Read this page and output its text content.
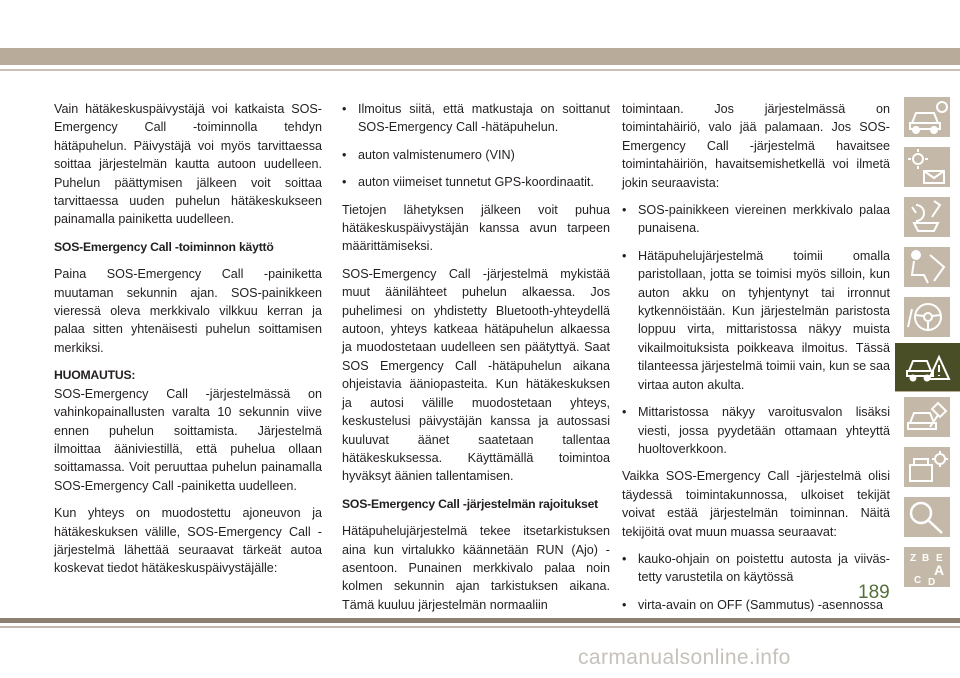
Vain hätäkeskuspäivystäjä voi katkaista SOS-Emergency Call -toiminnolla tehdyn hätäpuhelun. Päivystäjä voi myös tarvittaessa soittaa järjestelmän kautta autoon uudelleen. Puhelun päättymisen jälkeen voit soittaa tarvittaessa uuden puhelun hätäkeskukseen painamalla painiketta uudelleen.

SOS-Emergency Call -toiminnon käyttö

Paina SOS-Emergency Call -painiketta muutaman sekunnin ajan. SOS-painikkeen vieressä oleva merkkivalo vilkkuu kerran ja palaa sitten yhtenäisesti puhelun soittamisen merkiksi.

HUOMAUTUS:

SOS-Emergency Call -järjestelmässä on vahinkopainallusten varalta 10 sekunnin viive ennen puhelun soittamista. Järjestelmä ilmoittaa ääniviestillä, että puhelua ollaan soittamassa. Voit peruuttaa puhelun painamalla SOS-Emergency Call -painiketta uudelleen.

Kun yhteys on muodostettu ajoneuvon ja hätäkeskuksen välille, SOS-Emergency Call -järjestelmä lähettää seuraavat tärkeät autoa koskevat tiedot hätäkeskuspäivystäjälle:

• Ilmoitus siitä, että matkustaja on soittanut SOS-Emergency Call -hätäpuhelun.
• auton valmistenumero (VIN)
• auton viimeiset tunnetut GPS-koordinaatit.

Tietojen lähetyksen jälkeen voit puhua hätäkeskuspäivystäjän kanssa avun tarpeen määrittämiseksi.

SOS-Emergency Call -järjestelmä mykistää muut äänilähteet puhelun alkaessa. Jos puhelimesi on yhdistetty Bluetooth-yhteydellä autoon, yhteys katkeaa hätäpuhelun alkaessa ja muodostetaan uudelleen sen päätyttyä. Saat SOS Emergency Call -hätäpuhelun aikana ohjeistavia ääniopasteita. Kun hätäkeskuksen ja autosi välille muodostetaan yhteys, keskustelusi päivystäjän kanssa ja autossasi kuuluvat äänet saatetaan tallentaa hätäkeskuksessa. Käyttämällä toimintoa hyväksyt äänien tallentamisen.

SOS-Emergency Call -järjestelmän rajoitukset

Hätäpuhelujärjestelmä tekee itsetarkistuksen aina kun virtalukko käännetään RUN (Ajo) -asentoon. Punainen merkkivalo palaa noin kolmen sekunnin ajan tarkistuksen aikana. Tämä kuuluu järjestelmän normaaliin

toimintaan. Jos järjestelmässä on toimintahäiriö, valo jää palamaan. Jos SOS-Emergency Call -järjestelmä havaitsee toimintahäiriön, havaitsemishetkellä voi ilmetä jokin seuraavista:

• SOS-painikkeen viereinen merkkivalo palaa punaisena.
• Hätäpuhelujärjestelmä toimii omalla paristollaan, jotta se toimisi myös silloin, kun auton akku on tyhjentynyt tai irronnut kytkennöistään. Kun järjestelmän paristosta loppuu virta, mittaristossa näkyy muista vikailmoituksista poikkeava ilmoitus. Tässä tilanteessa järjestelmä toimii vain, kun se saa virtaa auton akulta.
• Mittaristossa näkyy varoitusvalon lisäksi viesti, jossa pyydetään ottamaan yhteyttä huoltoverkkoon.

Vaikka SOS-Emergency Call -järjestelmä olisi täydessä toimintakunnossa, ulkoiset tekijät voivat estää järjestelmän toiminnan. Näitä tekijöitä ovat muun muassa seuraavat:

• kauko-ohjain on poistettu autosta ja viiväs-tetty varustetila on käytössä
• virta-avain on OFF (Sammutus) -asennossa
Z B E
A
C D
189
carmanualsonline.info
